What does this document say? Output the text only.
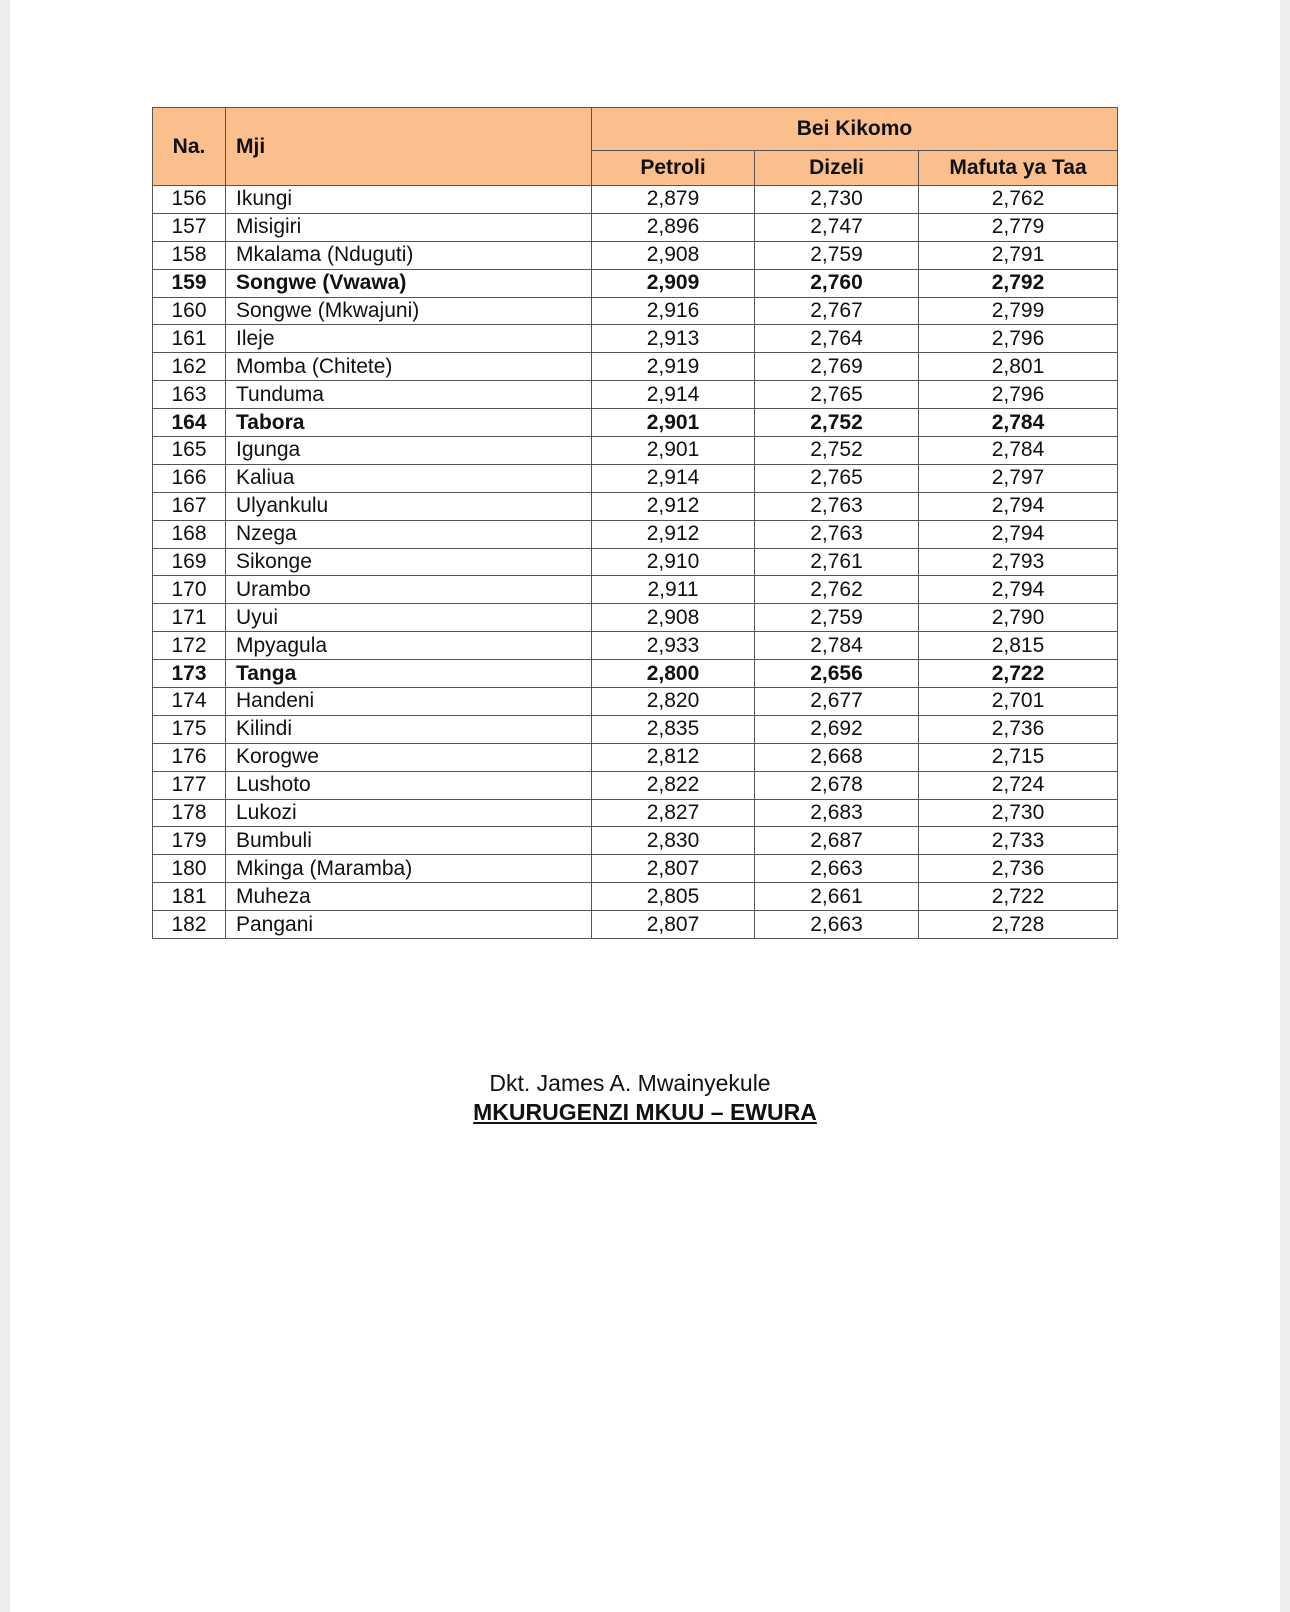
Na.	Mji	Bei Kikomo		
		Petroli	Dizeli	Mafuta ya Taa
156	Ikungi	2,879	2,730	2,762
157	Misigiri	2,896	2,747	2,779
158	Mkalama (Nduguti)	2,908	2,759	2,791
159	Songwe (Vwawa)	2,909	2,760	2,792
160	Songwe (Mkwajuni)	2,916	2,767	2,799
161	Ileje	2,913	2,764	2,796
162	Momba (Chitete)	2,919	2,769	2,801
163	Tunduma	2,914	2,765	2,796
164	Tabora	2,901	2,752	2,784
165	Igunga	2,901	2,752	2,784
166	Kaliua	2,914	2,765	2,797
167	Ulyankulu	2,912	2,763	2,794
168	Nzega	2,912	2,763	2,794
169	Sikonge	2,910	2,761	2,793
170	Urambo	2,911	2,762	2,794
171	Uyui	2,908	2,759	2,790
172	Mpyagula	2,933	2,784	2,815
173	Tanga	2,800	2,656	2,722
174	Handeni	2,820	2,677	2,701
175	Kilindi	2,835	2,692	2,736
176	Korogwe	2,812	2,668	2,715
177	Lushoto	2,822	2,678	2,724
178	Lukozi	2,827	2,683	2,730
179	Bumbuli	2,830	2,687	2,733
180	Mkinga (Maramba)	2,807	2,663	2,736
181	Muheza	2,805	2,661	2,722
182	Pangani	2,807	2,663	2,728
Dkt. James A. Mwainyekule
MKURUGENZI MKUU – EWURA
